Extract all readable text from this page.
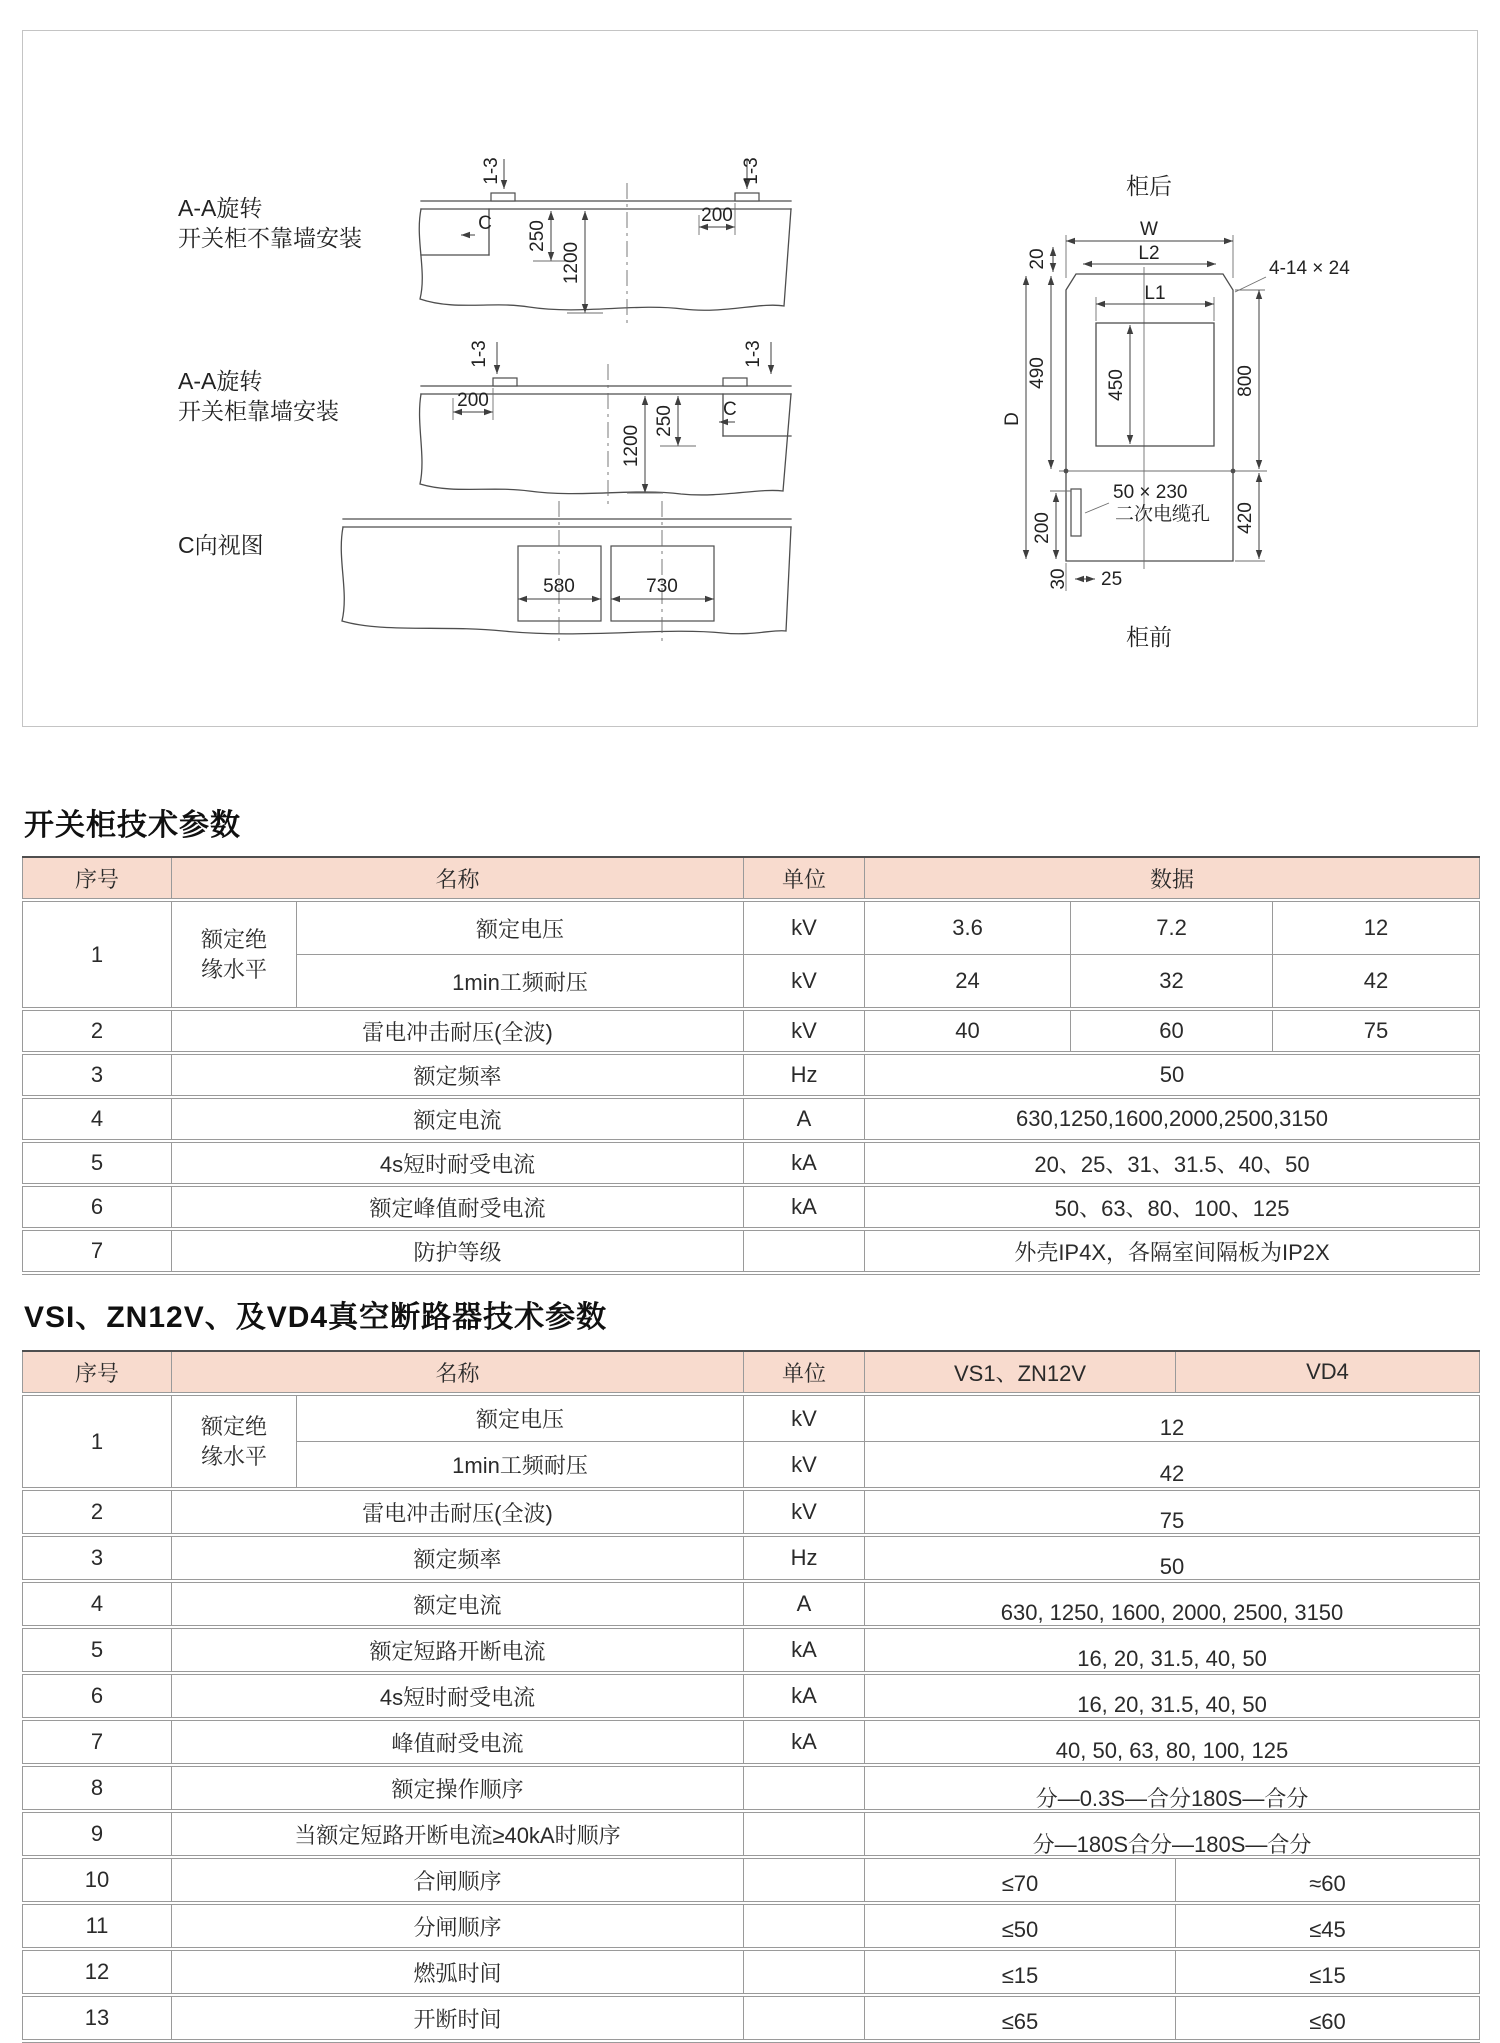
A-A旋转
开关柜不靠墙安装
1-3
C 250
1200
200
1-3
A-A旋转
开关柜靠墙安装
1-3
200
1200
250	C
1-3
C向视图
580	730
柜后
W
L2
20
490
D
L1
450	800
420
4-14 × 24
50 × 230
二次电缆孔
200
30 25
柜前
开关柜技术参数
序号	名称		单位	数据		
1	额定绝缘水平	额定电压	kV	3.6	7.2	12
		1min工频耐压	kV	24	32	42
2	雷电冲击耐压(全波)		kV	40	60	75
3	额定频率		Hz	50		
4	额定电流		A	630,1250,1600,2000,2500,3150		
5	4s短时耐受电流		kA	20、25、31、31.5、40、50		
6	额定峰值耐受电流		kA	50、63、80、100、125		
7	防护等级			外壳IP4X，各隔室间隔板为IP2X		
VSI、ZN12V、及VD4真空断路器技术参数
序号	名称		单位	VS1、ZN12V	VD4
1	额定绝缘水平	额定电压	kV	12	
		1min工频耐压	kV	42	
2	雷电冲击耐压(全波)		kV	75	
3	额定频率		Hz	50	
4	额定电流		A	630, 1250, 1600, 2000, 2500, 3150	
5	额定短路开断电流		kA	16, 20, 31.5, 40, 50	
6	4s短时耐受电流		kA	16, 20, 31.5, 40, 50	
7	峰值耐受电流		kA	40, 50, 63, 80, 100, 125	
8	额定操作顺序			分—0.3S—合分180S—合分	
9	当额定短路开断电流≥40kA时顺序			分—180S合分—180S—合分	
10	合闸顺序			≤70	≈60
11	分闸顺序			≤50	≤45
12	燃弧时间			≤15	≤15
13	开断时间			≤65	≤60
